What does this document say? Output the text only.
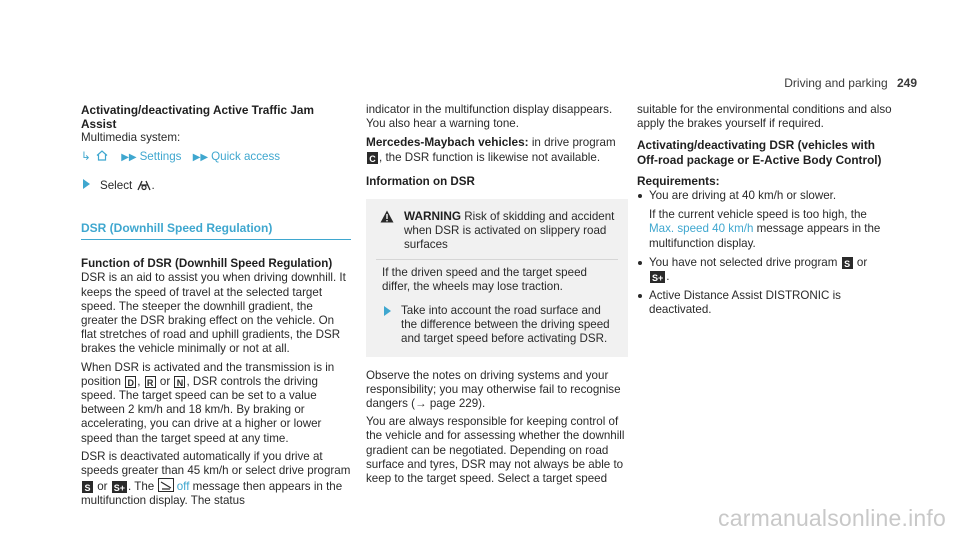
Driving and parking 249

Activating/deactivating Active Traffic Jam Assist

Multimedia system:

↳	▶▶ Settings ▶▶ Quick access

Select .

DSR (Downhill Speed Regulation)

Function of DSR (Downhill Speed Regulation)

DSR is an aid to assist you when driving downhill. It keeps the speed of travel at the selected target speed. The steeper the downhill gradient, the greater the DSR braking effect on the vehicle. On flat stretches of road and uphill gradients, the DSR brakes the vehicle minimally or not at all.

When DSR is activated and the transmission is in position D , R or N , DSR controls the driving speed. The target speed can be set to a value between 2 km/h and 18 km/h. By braking or accelerating, you can drive at a higher or lower speed than the target speed at any time.

DSR is deactivated automatically if you drive at speeds greater than 45 km/h or select drive program S or S+ . The off message then appears in the multifunction display. The status

indicator in the multifunction display disappears. You also hear a warning tone.

Mercedes-Maybach vehicles: in drive program C , the DSR function is likewise not available.

Information on DSR

WARNING Risk of skidding and accident when DSR is activated on slippery road surfaces

If the driven speed and the target speed differ, the wheels may lose traction.

Take into account the road surface and the difference between the driving speed and target speed before activating DSR.

Observe the notes on driving systems and your responsibility; you may otherwise fail to recognise dangers (→ page 229).

You are always responsible for keeping control of the vehicle and for assessing whether the downhill gradient can be negotiated. Depending on road surface and tyres, DSR may not always be able to keep to the target speed. Select a target speed

suitable for the environmental conditions and also apply the brakes yourself if required.

Activating/deactivating DSR (vehicles with Off-road package or E-Active Body Control)

Requirements:

You are driving at 40 km/h or slower.

If the current vehicle speed is too high, the Max. speed 40 km/h message appears in the multifunction display.

You have not selected drive program S or
S+ .
Active Distance Assist DISTRONIC is deactivated.
carmanualsonline.info
